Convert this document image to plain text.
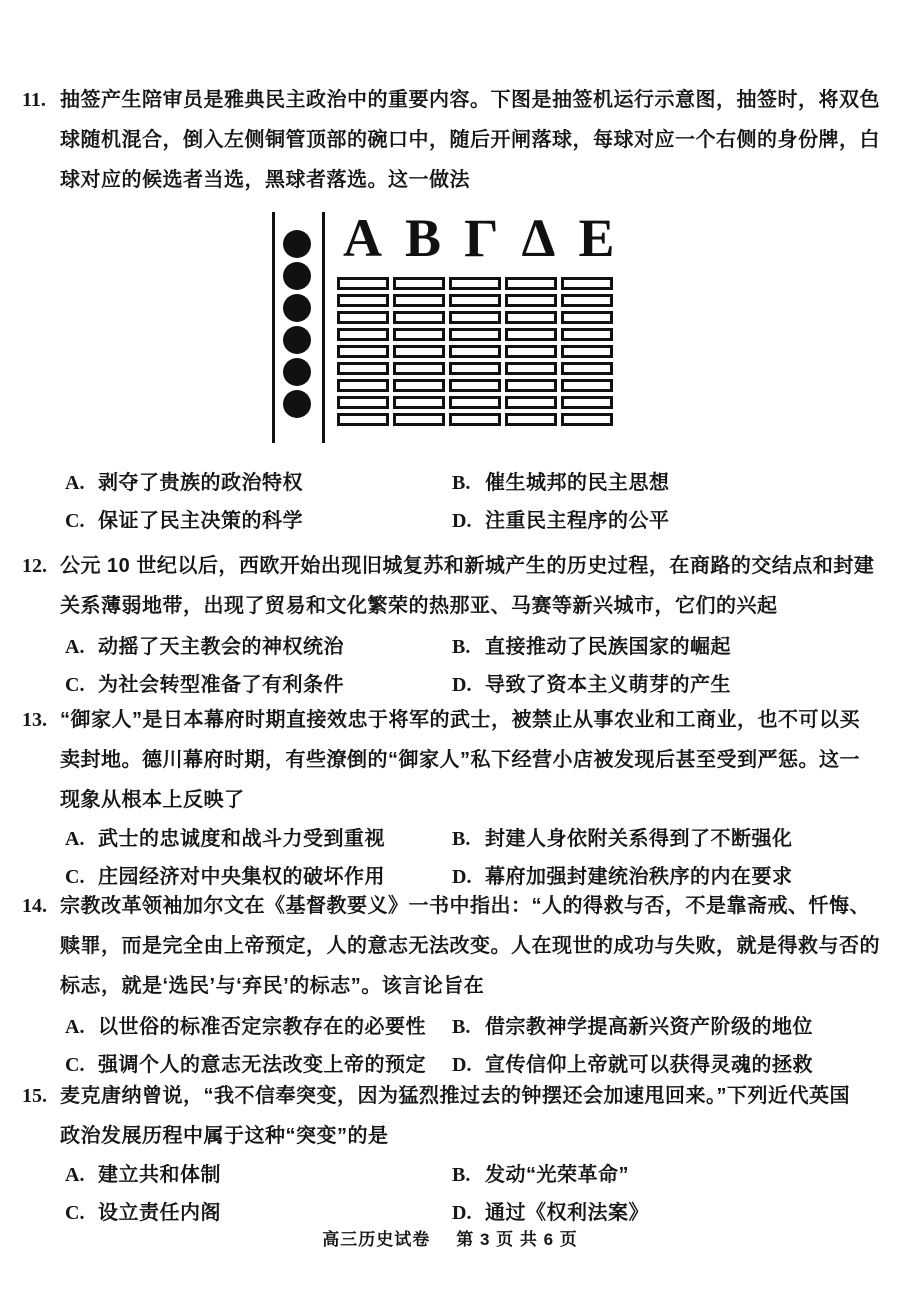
11. 抽签产生陪审员是雅典民主政治中的重要内容。下图是抽签机运行示意图，抽签时，将双色
球随机混合，倒入左侧铜管顶部的碗口中，随后开闸落球，每球对应一个右侧的身份牌，白
球对应的候选者当选，黑球者落选。这一做法
Α Β Γ Δ Ε
A. 剥夺了贵族的政治特权	B. 催生城邦的民主思想
C. 保证了民主决策的科学	D. 注重民主程序的公平
12. 公元 10 世纪以后，西欧开始出现旧城复苏和新城产生的历史过程，在商路的交结点和封建
关系薄弱地带，出现了贸易和文化繁荣的热那亚、马赛等新兴城市，它们的兴起
A. 动摇了天主教会的神权统治	B. 直接推动了民族国家的崛起
C. 为社会转型准备了有利条件	D. 导致了资本主义萌芽的产生
13. “御家人”是日本幕府时期直接效忠于将军的武士，被禁止从事农业和工商业，也不可以买
卖封地。德川幕府时期，有些潦倒的“御家人”私下经营小店被发现后甚至受到严惩。这一
现象从根本上反映了
A. 武士的忠诚度和战斗力受到重视	B. 封建人身依附关系得到了不断强化
C. 庄园经济对中央集权的破坏作用	D. 幕府加强封建统治秩序的内在要求
14. 宗教改革领袖加尔文在《基督教要义》一书中指出：“人的得救与否，不是靠斋戒、忏悔、
赎罪，而是完全由上帝预定，人的意志无法改变。人在现世的成功与失败，就是得救与否的
标志，就是‘选民’与‘弃民’的标志”。该言论旨在
A. 以世俗的标准否定宗教存在的必要性	B. 借宗教神学提高新兴资产阶级的地位
C. 强调个人的意志无法改变上帝的预定	D. 宣传信仰上帝就可以获得灵魂的拯救
15. 麦克唐纳曾说，“我不信奉突变，因为猛烈推过去的钟摆还会加速甩回来。”下列近代英国
政治发展历程中属于这种“突变”的是
A. 建立共和体制	B. 发动“光荣革命”
C. 设立责任内阁	D. 通过《权利法案》
高三历史试卷 第 3 页 共 6 页
